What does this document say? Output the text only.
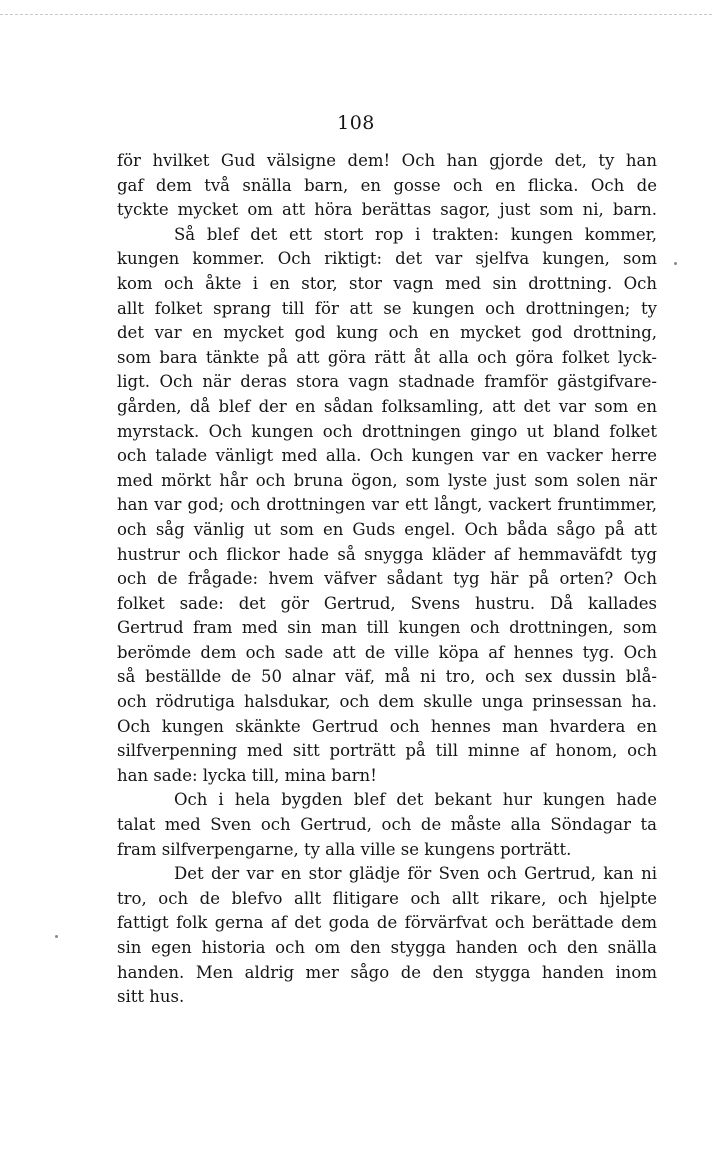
108
för hvilket Gud välsigne dem! Och han gjorde det, ty han
gaf dem två snälla barn, en gosse och en flicka. Och de
tyckte mycket om att höra berättas sagor, just som ni, barn.
Så blef det ett stort rop i trakten: kungen kommer,
kungen kommer. Och riktigt: det var sjelfva kungen, som
kom och åkte i en stor, stor vagn med sin drottning. Och
allt folket sprang till för att se kungen och drottningen; ty
det var en mycket god kung och en mycket god drottning,
som bara tänkte på att göra rätt åt alla och göra folket lyck-
ligt. Och när deras stora vagn stadnade framför gästgifvare-
gården, då blef der en sådan folksamling, att det var som en
myrstack. Och kungen och drottningen gingo ut bland folket
och talade vänligt med alla. Och kungen var en vacker herre
med mörkt hår och bruna ögon, som lyste just som solen när
han var god; och drottningen var ett långt, vackert fruntimmer,
och såg vänlig ut som en Guds engel. Och båda sågo på att
hustrur och flickor hade så snygga kläder af hemmaväfdt tyg
och de frågade: hvem väfver sådant tyg här på orten? Och
folket sade: det gör Gertrud, Svens hustru. Då kallades
Gertrud fram med sin man till kungen och drottningen, som
berömde dem och sade att de ville köpa af hennes tyg. Och
så beställde de 50 alnar väf, må ni tro, och sex dussin blå-
och rödrutiga halsdukar, och dem skulle unga prinsessan ha.
Och kungen skänkte Gertrud och hennes man hvardera en
silfverpenning med sitt porträtt på till minne af honom, och
han sade: lycka till, mina barn!
Och i hela bygden blef det bekant hur kungen hade
talat med Sven och Gertrud, och de måste alla Söndagar ta
fram silfverpengarne, ty alla ville se kungens porträtt.
Det der var en stor glädje för Sven och Gertrud, kan ni
tro, och de blefvo allt flitigare och allt rikare, och hjelpte
fattigt folk gerna af det goda de förvärfvat och berättade dem
sin egen historia och om den stygga handen och den snälla
handen. Men aldrig mer sågo de den stygga handen inom
sitt hus.
